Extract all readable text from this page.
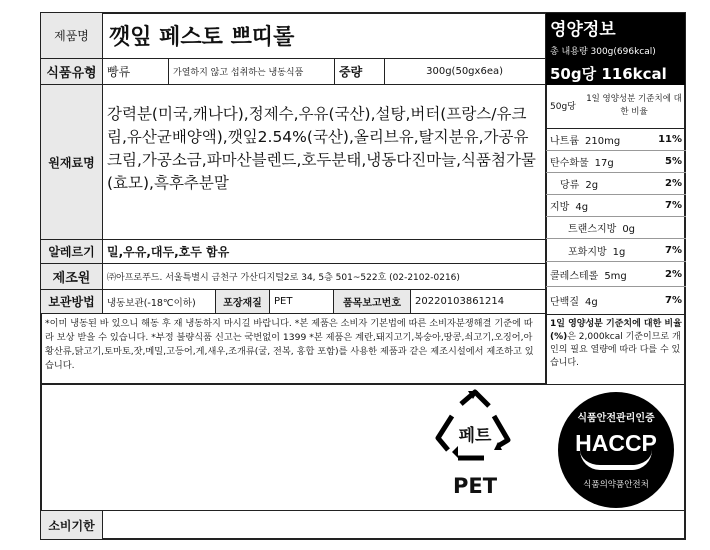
제품명 깻잎 페스토 쁘띠롤	영양정보
총 내용량 300g(696kcal)
50g당 116kcal
식품유형 빵류	가열하지 않고 섭취하는 냉동식품	중량	300g(50gx6ea)
원재료명
강력분(미국,캐나다),정제수,우유(국산),설탕,버터(프랑스/유크림,유산균배양액),깻잎2.54%(국산),올리브유,탈지분유,가공유크림,가공소금,파마산블렌드,호두분태,냉동다진마늘,식품첨가물(효모),흑후추분말
알레르기 밀,우유,대두,호두 함유
제조원 ㈜아프로푸드. 서울특별시 금천구 가산디지털2로 34, 5층 501~522호 (02-2102-0216)
보관방법 냉동보관(-18℃이하)	포장재질 PET	품목보고번호 20220103861214
*이미 냉동된 바 있으니 해동 후 재 냉동하지 마시길 바랍니다. *본 제품은 소비자 기본법에 따른 소비자분쟁해결 기준에 따라 보상 받을 수 있습니다. *부정 불량식품 신고는 국번없이 1399 *본 제품은 계란,돼지고기,복숭아,땅콩,쇠고기,오징어,아황산류,닭고기,토마토,잣,메밀,고등어,게,새우,조개류(굴, 전복, 홍합 포함)를 사용한 제품과 같은 제조시설에서 제조하고 있습니다.
50g당
1일 영양성분 기준치에 대한 비율
나트륨 210mg	11%
탄수화물 17g	5%
당류 2g	2%
지방 4g	7%
트랜스지방 0g
포화지방 1g	7%
콜레스테롤 5mg	2%
단백질 4g	7%
1일 영양성분 기준치에 대한 비율(%)은 2,000kcal 기준이므로 개인의 필요 열량에 따라 다를 수 있습니다.
페트
PET
식품안전관리인증
HACCP
식품의약품안전처
소비기한
